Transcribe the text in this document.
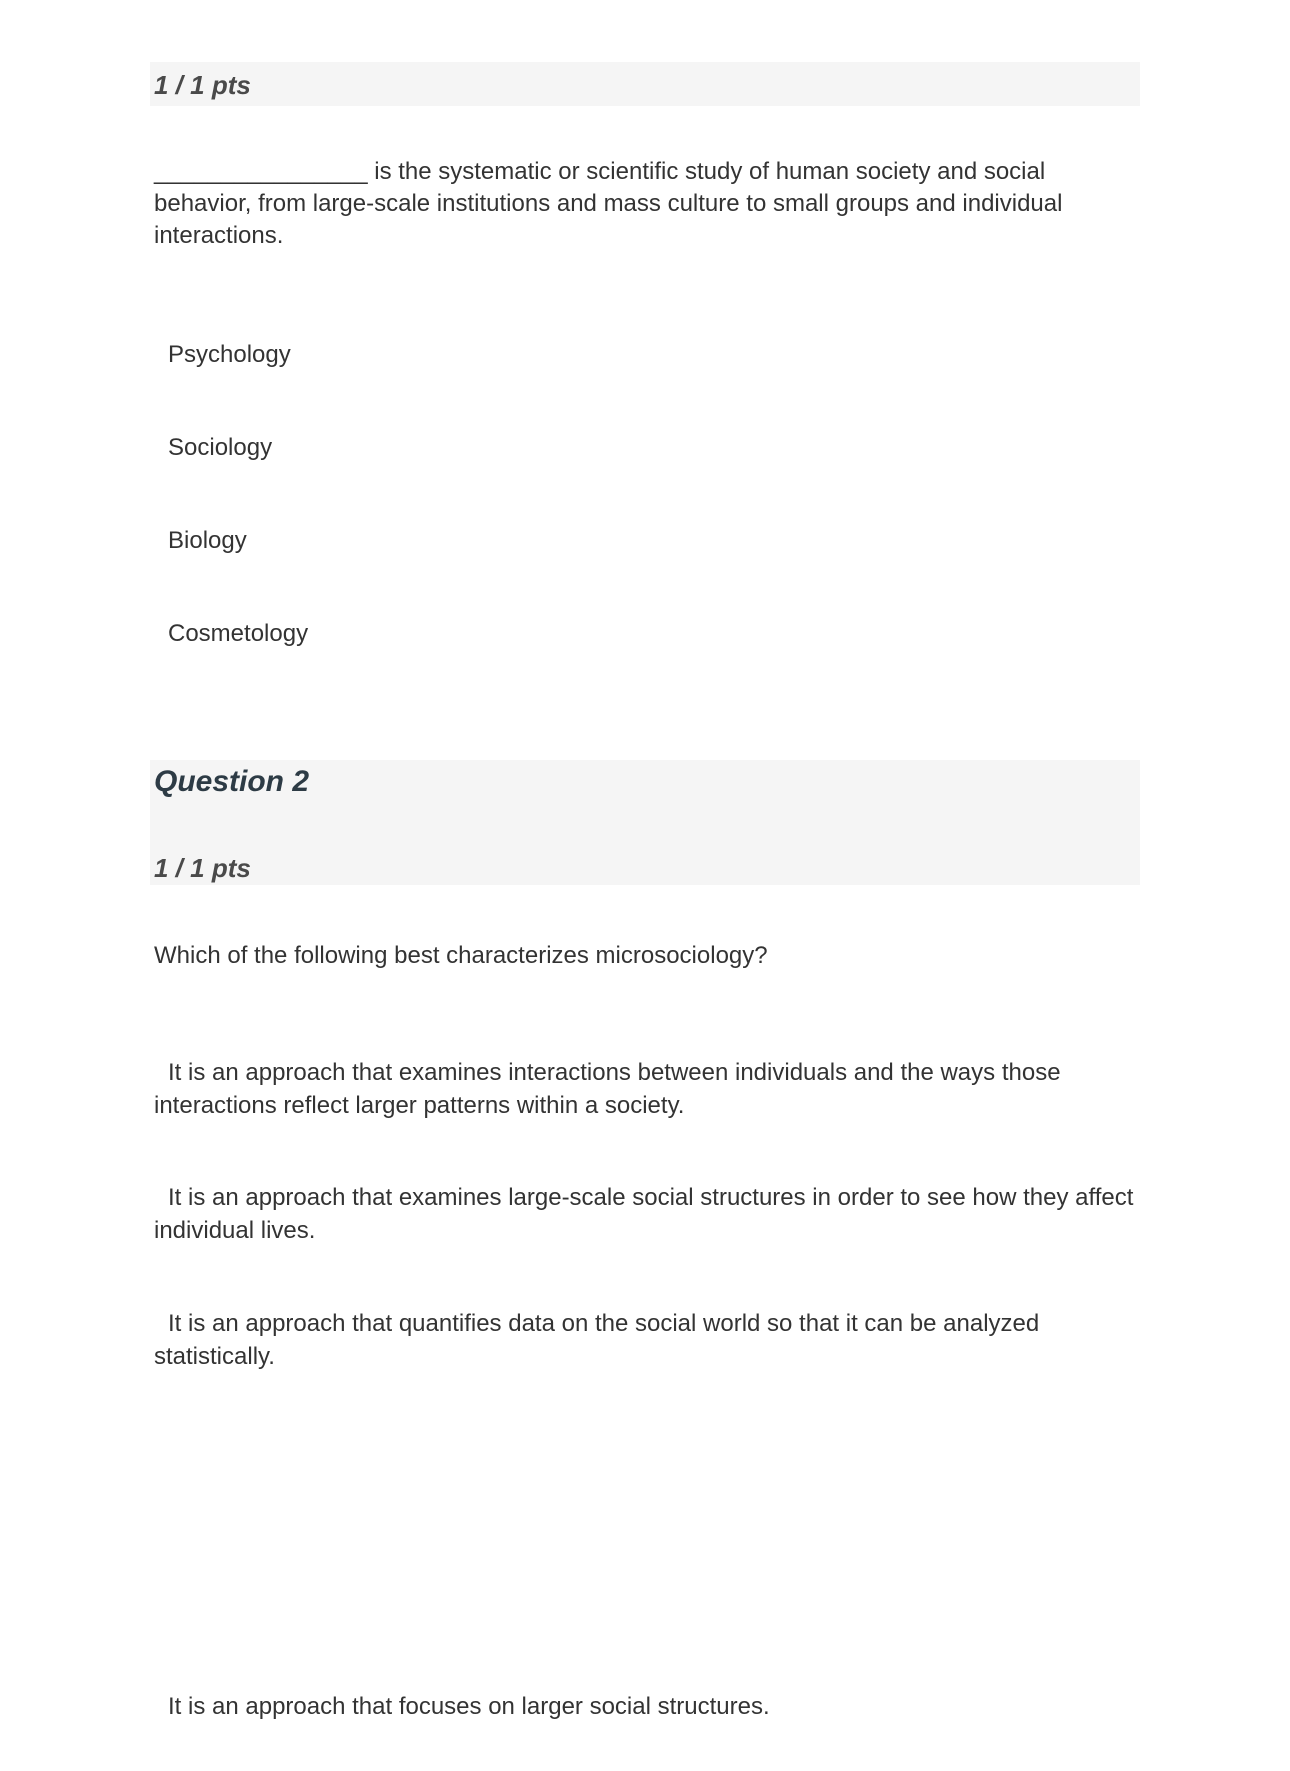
1 / 1 pts
________________ is the systematic or scientific study of human society and social behavior, from large-scale institutions and mass culture to small groups and individual interactions.
Psychology
Sociology
Biology
Cosmetology
Question 2
1 / 1 pts
Which of the following best characterizes microsociology?
It is an approach that examines interactions between individuals and the ways those interactions reflect larger patterns within a society.
It is an approach that examines large-scale social structures in order to see how they affect individual lives.
It is an approach that quantifies data on the social world so that it can be analyzed statistically.
It is an approach that focuses on larger social structures.
